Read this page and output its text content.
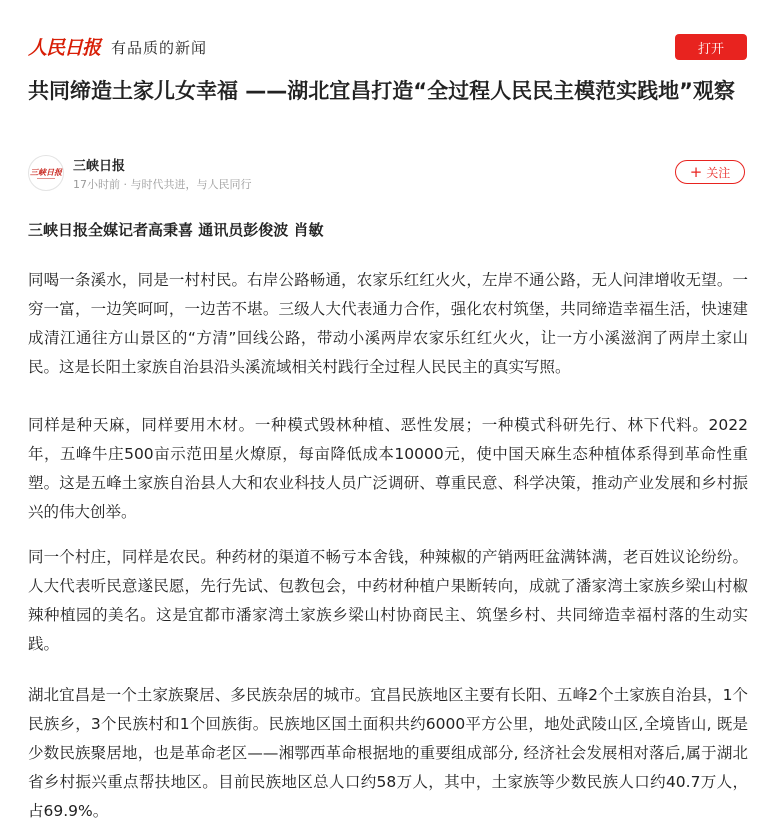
人民日报 有品质的新闻	打开
共同缔造土家儿女幸福 ——湖北宜昌打造“全过程人民民主模范实践地”观察
三峡日报 三峡日报
17小时前 · 与时代共进，与人民同行
+ 关注
三峡日报全媒记者高秉喜 通讯员彭俊波 肖敏

同喝一条溪水，同是一村村民。右岸公路畅通，农家乐红红火火，左岸不通公路，无人问津增收无望。一穷一富，一边笑呵呵，一边苦不堪。三级人大代表通力合作，强化农村筑堡，共同缔造幸福生活，快速建成清江通往方山景区的“方清”回线公路，带动小溪两岸农家乐红红火火，让一方小溪滋润了两岸土家山民。这是长阳土家族自治县沿头溪流域相关村践行全过程人民民主的真实写照。

同样是种天麻，同样要用木材。一种模式毁林种植、恶性发展；一种模式科研先行、林下代料。2022年，五峰牛庄500亩示范田星火燎原，每亩降低成本10000元，使中国天麻生态种植体系得到革命性重塑。这是五峰土家族自治县人大和农业科技人员广泛调研、尊重民意、科学决策，推动产业发展和乡村振兴的伟大创举。

同一个村庄，同样是农民。种药材的渠道不畅亏本舍钱，种辣椒的产销两旺盆满钵满，老百姓议论纷纷。人大代表听民意遂民愿，先行先试、包教包会，中药材种植户果断转向，成就了潘家湾土家族乡梁山村椒辣种植园的美名。这是宜都市潘家湾土家族乡梁山村协商民主、筑堡乡村、共同缔造幸福村落的生动实践。

湖北宜昌是一个土家族聚居、多民族杂居的城市。宜昌民族地区主要有长阳、五峰2个土家族自治县，1个民族乡，3个民族村和1个回族街。民族地区国土面积共约6000平方公里，地处武陵山区,全境皆山, 既是少数民族聚居地，也是革命老区——湘鄂西革命根据地的重要组成部分, 经济社会发展相对落后,属于湖北省乡村振兴重点帮扶地区。目前民族地区总人口约58万人，其中，土家族等少数民族人口约40.7万人，占69.9%。
